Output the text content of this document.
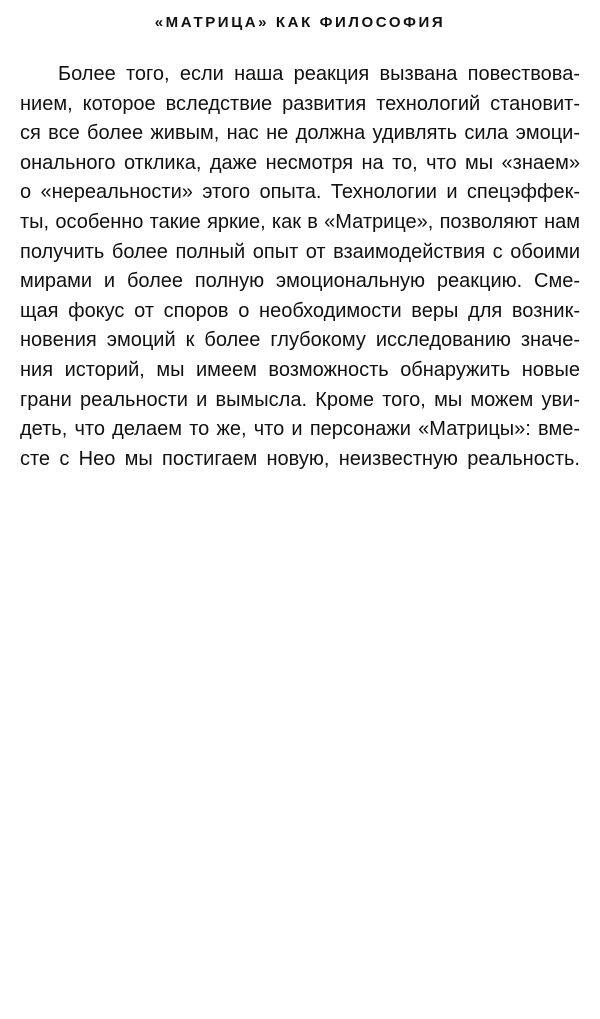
«МАТРИЦА» КАК ФИЛОСОФИЯ
Более того, если наша реакция вызвана повествова-
нием, которое вследствие развития технологий становит-
ся все более живым, нас не должна удивлять сила эмоци-
онального отклика, даже несмотря на то, что мы «знаем»
о «нереальности» этого опыта. Технологии и спецэффек-
ты, особенно такие яркие, как в «Матрице», позволяют нам
получить более полный опыт от взаимодействия с обоими
мирами и более полную эмоциональную реакцию. Сме-
щая фокус от споров о необходимости веры для возник-
новения эмоций к более глубокому исследованию значе-
ния историй, мы имеем возможность обнаружить новые
грани реальности и вымысла. Кроме того, мы можем уви-
деть, что делаем то же, что и персонажи «Матрицы»: вме-
сте с Нео мы постигаем новую, неизвестную реальность.
